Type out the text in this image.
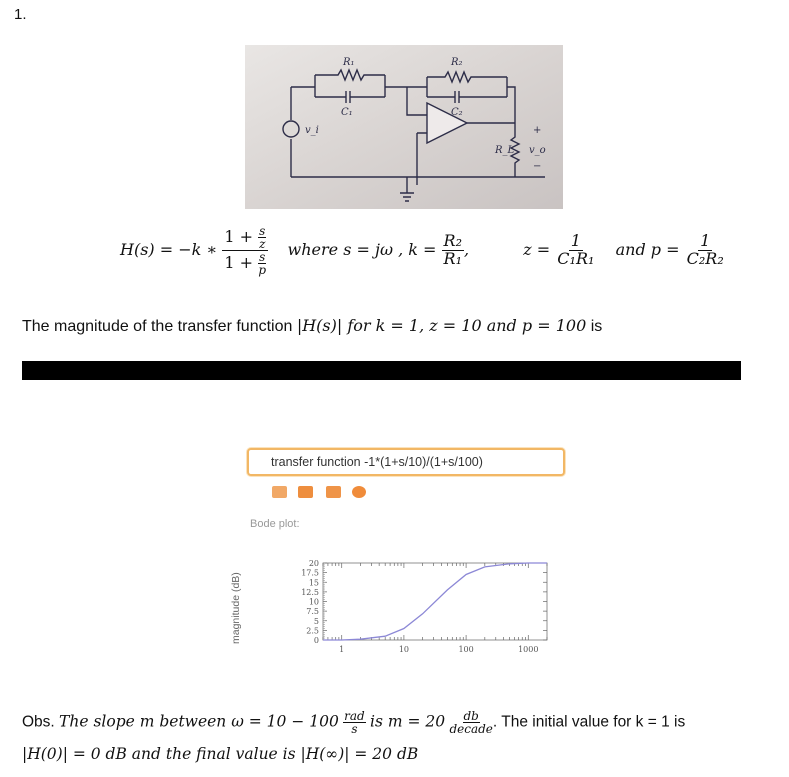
1.
R₁	R₂
C₁	C₂
v_i
R_L v_o
+
−
H(s) = −k ∗ $\frac{1 + \frac{s}{z}}{1 + \frac{s}{p}}$ where s = jω , $k = \frac{\text{R₂}}{\text{R₁}}$ ,	$z = \frac{1}{\text{C₁R₁}}$ and $p = \frac{1}{\text{C₂R₂}}$
The magnitude of the transfer function |H(s)| for k = 1, z = 10 and p = 100 is
transfer function -1*(1+s/10)/(1+s/100)
Bode plot:
magnitude (dB)
1	10	100	1000
0
2.5
5
7.5
10
12.5
15
17.5
20
Obs. The slope m between ω = 10 − 100 rad
s is m = 20 db
decade . The initial value for k = 1 is
|H(0)| = 0 dB and the final value is |H(∞)| = 20 dB
